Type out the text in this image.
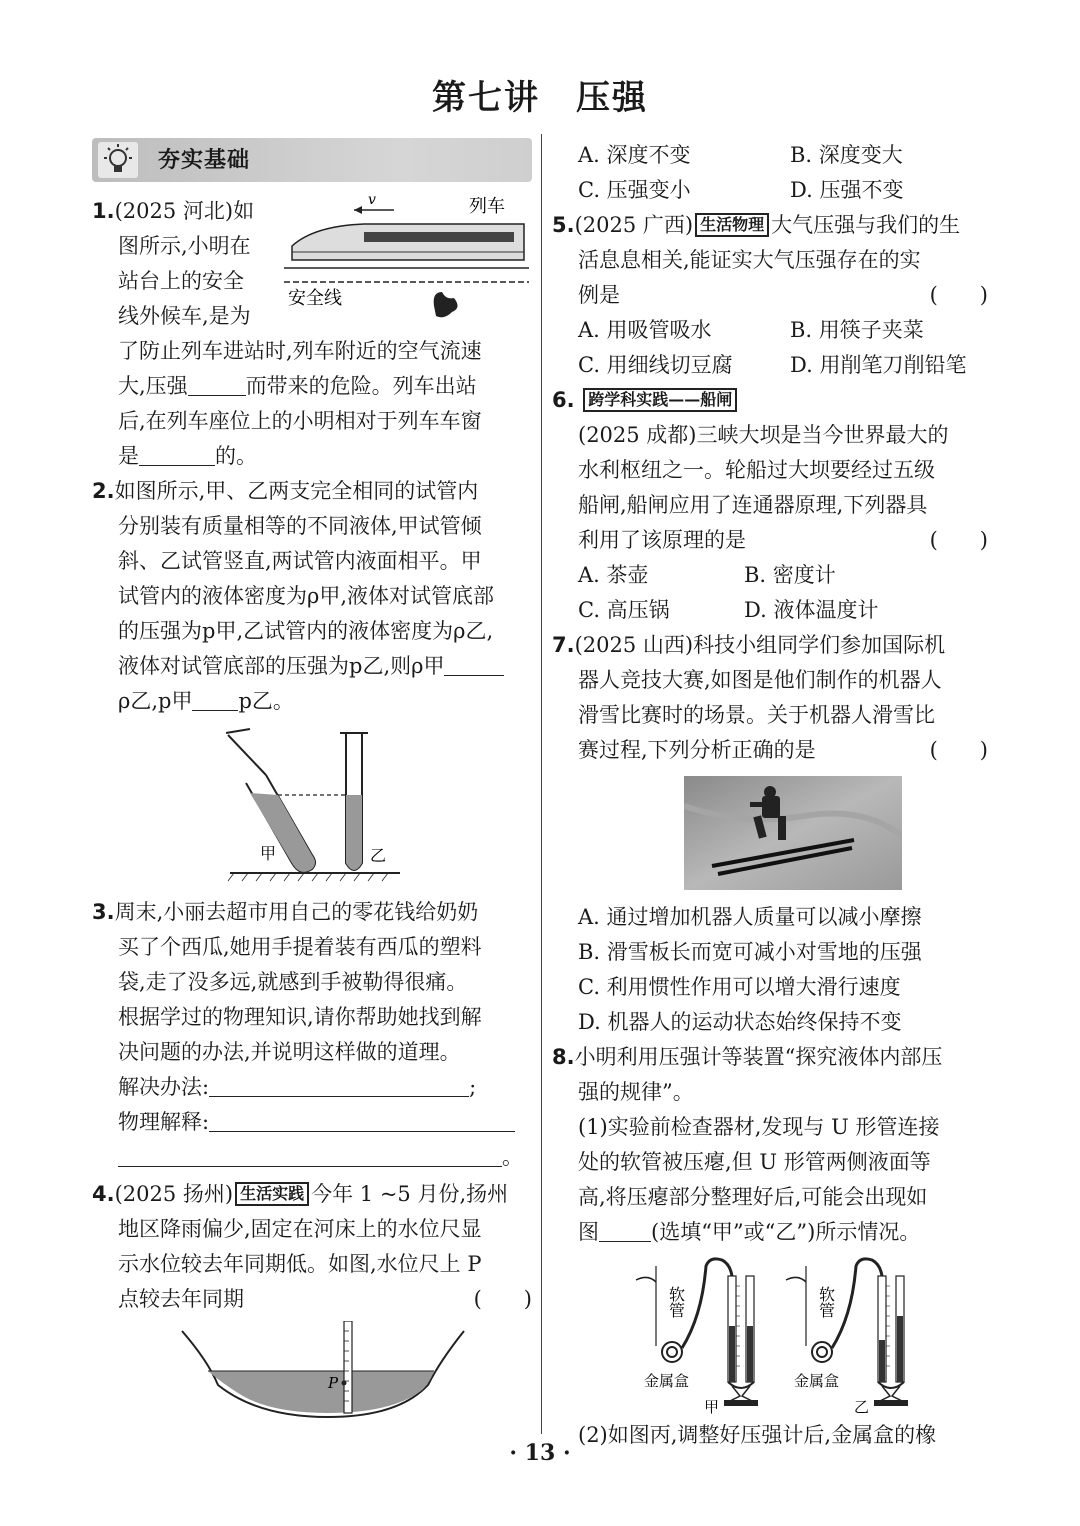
第七讲　压强
夯实基础
1.(2025 河北)如
图所示,小明在
站台上的安全
线外候车,是为
v	列车
安全线
了防止列车进站时,列车附近的空气流速
大,压强	而带来的危险。列车出站
后,在列车座位上的小明相对于列车车窗
是	的。
2.如图所示,甲、乙两支完全相同的试管内
分别装有质量相等的不同液体,甲试管倾
斜、乙试管竖直,两试管内液面相平。甲
试管内的液体密度为ρ甲,液体对试管底部
的压强为p甲,乙试管内的液体密度为ρ乙,
液体对试管底部的压强为p乙,则ρ甲
ρ乙,p甲 p乙。
甲	乙
3.周末,小丽去超市用自己的零花钱给奶奶
买了个西瓜,她用手提着装有西瓜的塑料
袋,走了没多远,就感到手被勒得很痛。
根据学过的物理知识,请你帮助她找到解
决问题的办法,并说明这样做的道理。
解决办法:	;
物理解释:
。
4.(2025 扬州) 生活实践 今年 1 ~5 月份,扬州
地区降雨偏少,固定在河床上的水位尺显
示水位较去年同期低。如图,水位尺上 P
点较去年同期	(　　)
P
A. 深度不变	B. 深度变大
C. 压强变小	D. 压强不变
5.(2025 广西) 生活物理 大气压强与我们的生
活息息相关,能证实大气压强存在的实
例是	(　　)
A. 用吸管吸水	B. 用筷子夹菜
C. 用细线切豆腐	D. 用削笔刀削铅笔
6. 跨学科实践——船闸
(2025 成都)三峡大坝是当今世界最大的
水利枢纽之一。轮船过大坝要经过五级
船闸,船闸应用了连通器原理,下列器具
利用了该原理的是	(　　)
A. 茶壶	B. 密度计
C. 高压锅	D. 液体温度计
7.(2025 山西)科技小组同学们参加国际机
器人竞技大赛,如图是他们制作的机器人
滑雪比赛时的场景。关于机器人滑雪比
赛过程,下列分析正确的是	(　　)
A. 通过增加机器人质量可以减小摩擦
B. 滑雪板长而宽可减小对雪地的压强
C. 利用惯性作用可以增大滑行速度
D. 机器人的运动状态始终保持不变
8.小明利用压强计等装置“探究液体内部压
强的规律”。
(1)实验前检查器材,发现与 U 形管连接
处的软管被压瘪,但 U 形管两侧液面等
高,将压瘪部分整理好后,可能会出现如
图 (选填“甲”或“乙”)所示情况。
软管
金属盒
甲
软管
金属盒
乙
(2)如图丙,调整好压强计后,金属盒的橡
· 13 ·
